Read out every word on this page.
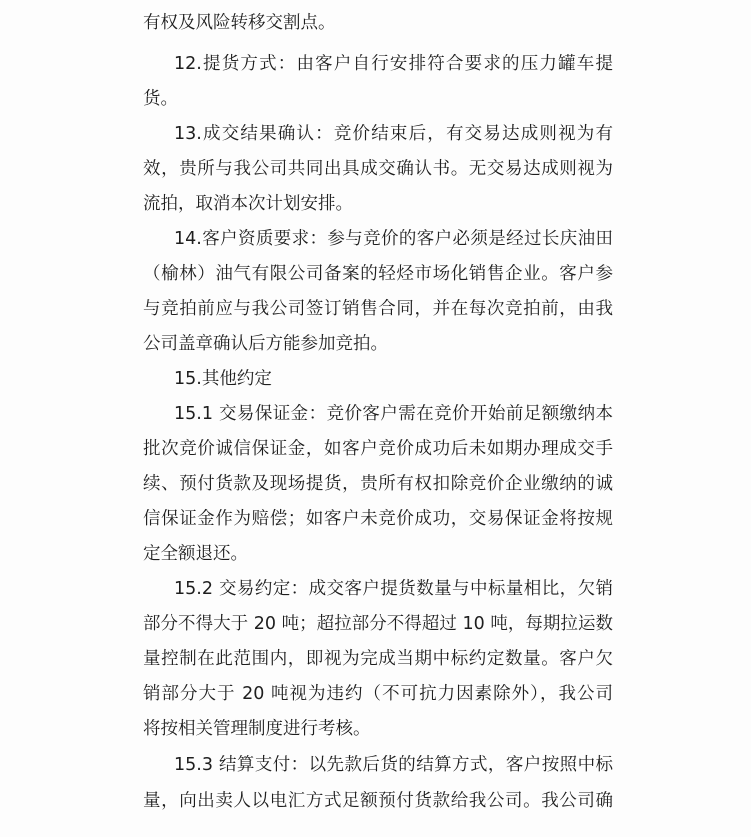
有权及风险转移交割点。
12.提货方式：由客户自行安排符合要求的压力罐车提
货。
13.成交结果确认：竞价结束后，有交易达成则视为有
效，贵所与我公司共同出具成交确认书。无交易达成则视为
流拍，取消本次计划安排。
14.客户资质要求：参与竞价的客户必须是经过长庆油田
（榆林）油气有限公司备案的轻烃市场化销售企业。客户参
与竞拍前应与我公司签订销售合同，并在每次竞拍前，由我
公司盖章确认后方能参加竞拍。
15.其他约定
15.1 交易保证金：竞价客户需在竞价开始前足额缴纳本
批次竞价诚信保证金，如客户竞价成功后未如期办理成交手
续、预付货款及现场提货，贵所有权扣除竞价企业缴纳的诚
信保证金作为赔偿；如客户未竞价成功，交易保证金将按规
定全额退还。
15.2 交易约定：成交客户提货数量与中标量相比，欠销
部分不得大于 20 吨；超拉部分不得超过 10 吨，每期拉运数
量控制在此范围内，即视为完成当期中标约定数量。客户欠
销部分大于 20 吨视为违约（不可抗力因素除外），我公司
将按相关管理制度进行考核。
15.3 结算支付：以先款后货的结算方式，客户按照中标
量，向出卖人以电汇方式足额预付货款给我公司。我公司确
